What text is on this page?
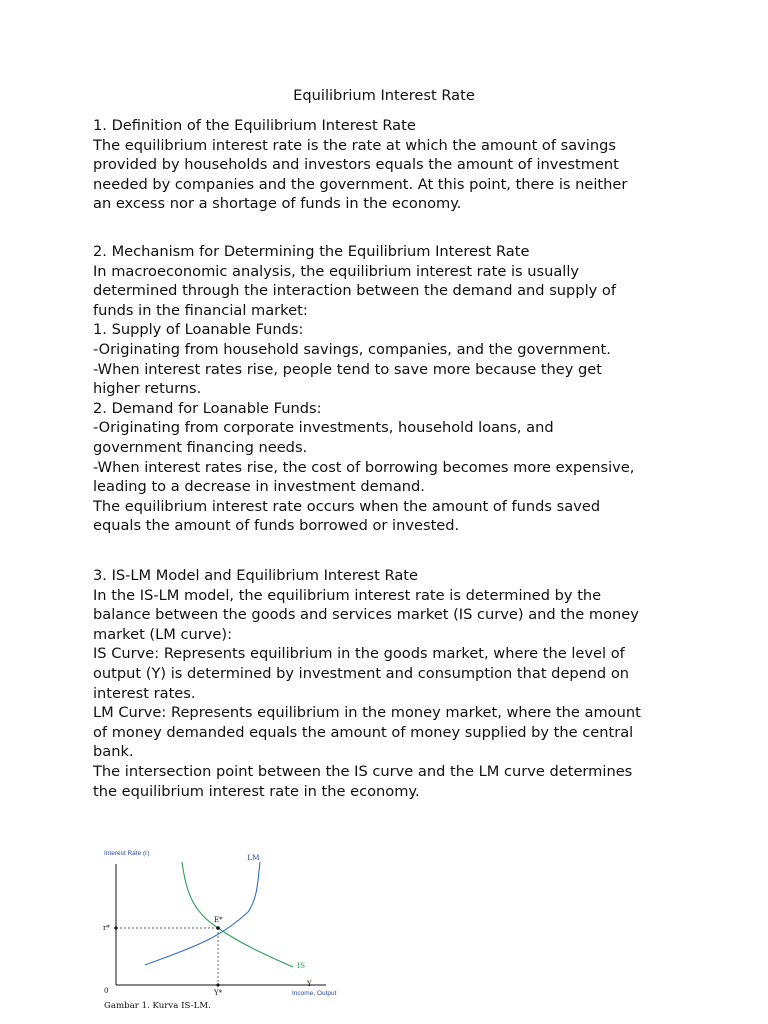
Equilibrium Interest Rate
1. Definition of the Equilibrium Interest Rate
The equilibrium interest rate is the rate at which the amount of savings
provided by households and investors equals the amount of investment
needed by companies and the government. At this point, there is neither
an excess nor a shortage of funds in the economy.
2. Mechanism for Determining the Equilibrium Interest Rate
In macroeconomic analysis, the equilibrium interest rate is usually
determined through the interaction between the demand and supply of
funds in the financial market:
1. Supply of Loanable Funds:
-Originating from household savings, companies, and the government.
-When interest rates rise, people tend to save more because they get
higher returns.
2. Demand for Loanable Funds:
-Originating from corporate investments, household loans, and
government financing needs.
-When interest rates rise, the cost of borrowing becomes more expensive,
leading to a decrease in investment demand.
The equilibrium interest rate occurs when the amount of funds saved
equals the amount of funds borrowed or invested.
3. IS-LM Model and Equilibrium Interest Rate
In the IS-LM model, the equilibrium interest rate is determined by the
balance between the goods and services market (IS curve) and the money
market (LM curve):
IS Curve: Represents equilibrium in the goods market, where the level of
output (Y) is determined by investment and consumption that depend on
interest rates.
LM Curve: Represents equilibrium in the money market, where the amount
of money demanded equals the amount of money supplied by the central
bank.
The intersection point between the IS curve and the LM curve determines
the equilibrium interest rate in the economy.
Interest Rate (r)	LM
IS
E*
r*
Y*
0
Y
Income, Output
Gambar 1. Kurva IS-LM.
